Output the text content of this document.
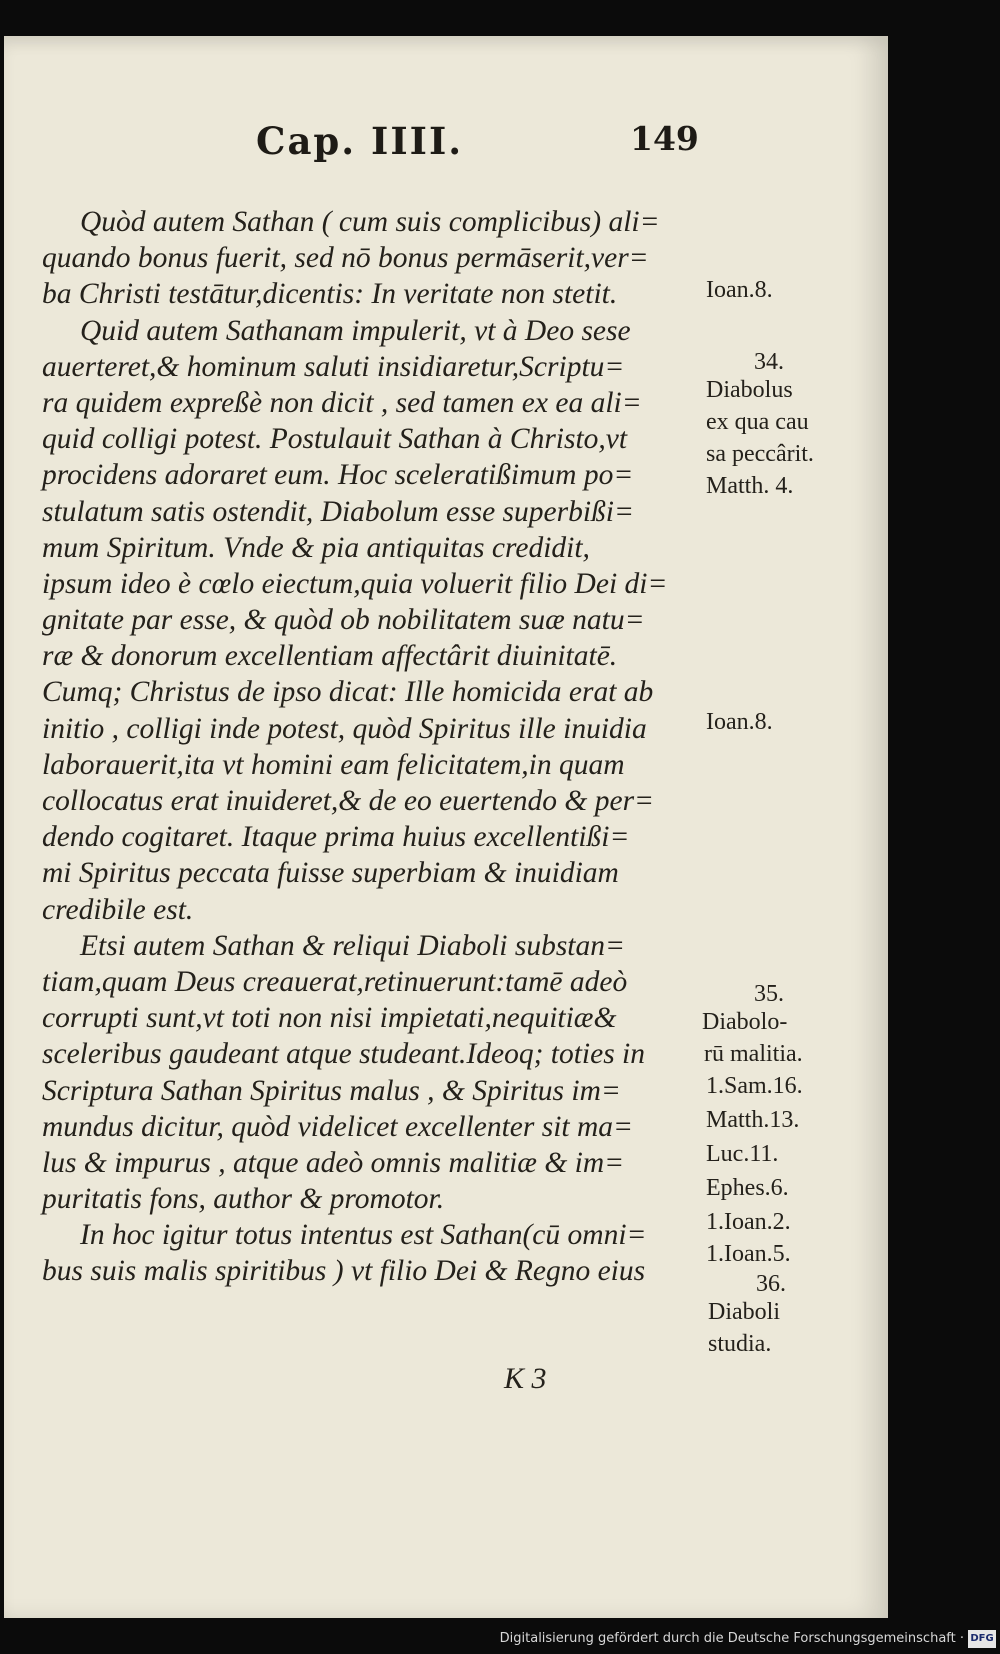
Cap. IIII.	149
Quòd autem Sathan ( cum suis complicibus) ali=
quando bonus fuerit, sed nō bonus permāserit,ver=
ba Christi testātur,dicentis: In veritate non stetit.
Quid autem Sathanam impulerit, vt à Deo sese
auerteret,& hominum saluti insidiaretur,Scriptu=
ra quidem expreßè non dicit , sed tamen ex ea ali=
quid colligi potest. Postulauit Sathan à Christo,vt
procidens adoraret eum. Hoc sceleratißimum po=
stulatum satis ostendit, Diabolum esse superbißi=
mum Spiritum. Vnde & pia antiquitas credidit,
ipsum ideo è cœlo eiectum,quia voluerit filio Dei di=
gnitate par esse, & quòd ob nobilitatem suæ natu=
ræ & donorum excellentiam affectârit diuinitatē.
Cumq; Christus de ipso dicat: Ille homicida erat ab
initio , colligi inde potest, quòd Spiritus ille inuidia
laborauerit,ita vt homini eam felicitatem,in quam
collocatus erat inuideret,& de eo euertendo & per=
dendo cogitaret. Itaque prima huius excellentißi=
mi Spiritus peccata fuisse superbiam & inuidiam
credibile est.
Etsi autem Sathan & reliqui Diaboli substan=
tiam,quam Deus creauerat,retinuerunt:tamē adeò
corrupti sunt,vt toti non nisi impietati,nequitiæ&
sceleribus gaudeant atque studeant.Ideoq; toties in
Scriptura Sathan Spiritus malus , & Spiritus im=
mundus dicitur, quòd videlicet excellenter sit ma=
lus & impurus , atque adeò omnis malitiæ & im=
puritatis fons, author & promotor.
In hoc igitur totus intentus est Sathan(cū omni=
bus suis malis spiritibus ) vt filio Dei & Regno eius
Ioan.8.
34.
Diabolus
ex qua cau
sa peccârit.
Matth. 4.
Ioan.8.
35.
Diabolo-
rū malitia.
1.Sam.16.
Matth.13.
Luc.11.
Ephes.6.
1.Ioan.2.
1.Ioan.5.
36.
Diaboli
studia.
K 3
Digitalisierung gefördert durch die Deutsche Forschungsgemeinschaft · DFG
